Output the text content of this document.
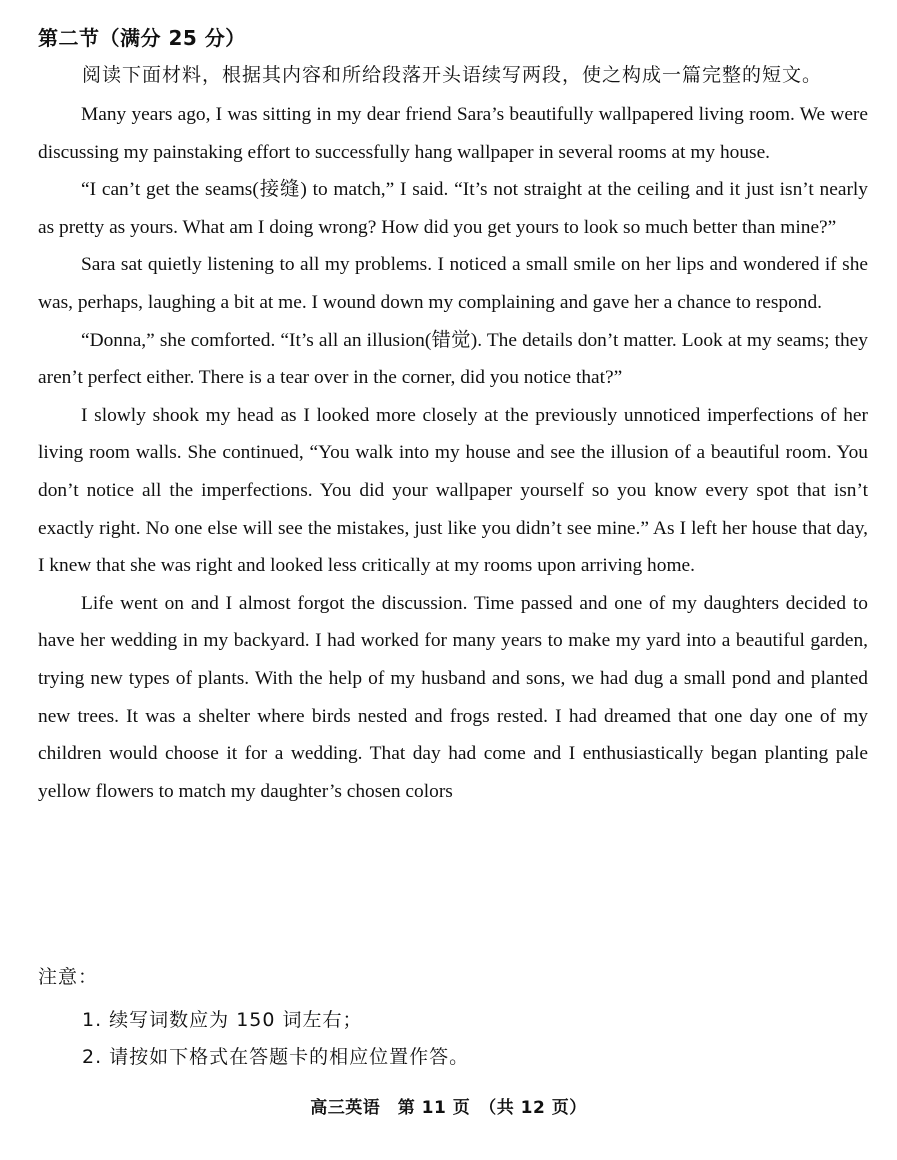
第二节（满分 25 分）
阅读下面材料，根据其内容和所给段落开头语续写两段，使之构成一篇完整的短文。

Many years ago, I was sitting in my dear friend Sara’s beautifully wallpapered living room. We were discussing my painstaking effort to successfully hang wallpaper in several rooms at my house.

“I can’t get the seams(接缝) to match,” I said. “It’s not straight at the ceiling and it just isn’t nearly as pretty as yours. What am I doing wrong? How did you get yours to look so much better than mine?”

Sara sat quietly listening to all my problems. I noticed a small smile on her lips and wondered if she was, perhaps, laughing a bit at me. I wound down my complaining and gave her a chance to respond.

“Donna,” she comforted. “It’s all an illusion(错觉). The details don’t matter. Look at my seams; they aren’t perfect either. There is a tear over in the corner, did you notice that?”

I slowly shook my head as I looked more closely at the previously unnoticed imperfections of her living room walls. She continued, “You walk into my house and see the illusion of a beautiful room. You don’t notice all the imperfections. You did your wallpaper yourself so you know every spot that isn’t exactly right. No one else will see the mistakes, just like you didn’t see mine.” As I left her house that day, I knew that she was right and looked less critically at my rooms upon arriving home.

Life went on and I almost forgot the discussion. Time passed and one of my daughters decided to have her wedding in my backyard. I had worked for many years to make my yard into a beautiful garden, trying new types of plants. With the help of my husband and sons, we had dug a small pond and planted new trees. It was a shelter where birds nested and frogs rested. I had dreamed that one day one of my children would choose it for a wedding. That day had come and I enthusiastically began planting pale yellow flowers to match my daughter’s chosen colors

注意：
1. 续写词数应为 150 词左右；
2. 请按如下格式在答题卡的相应位置作答。
高三英语　第 11 页　（共 12 页）
